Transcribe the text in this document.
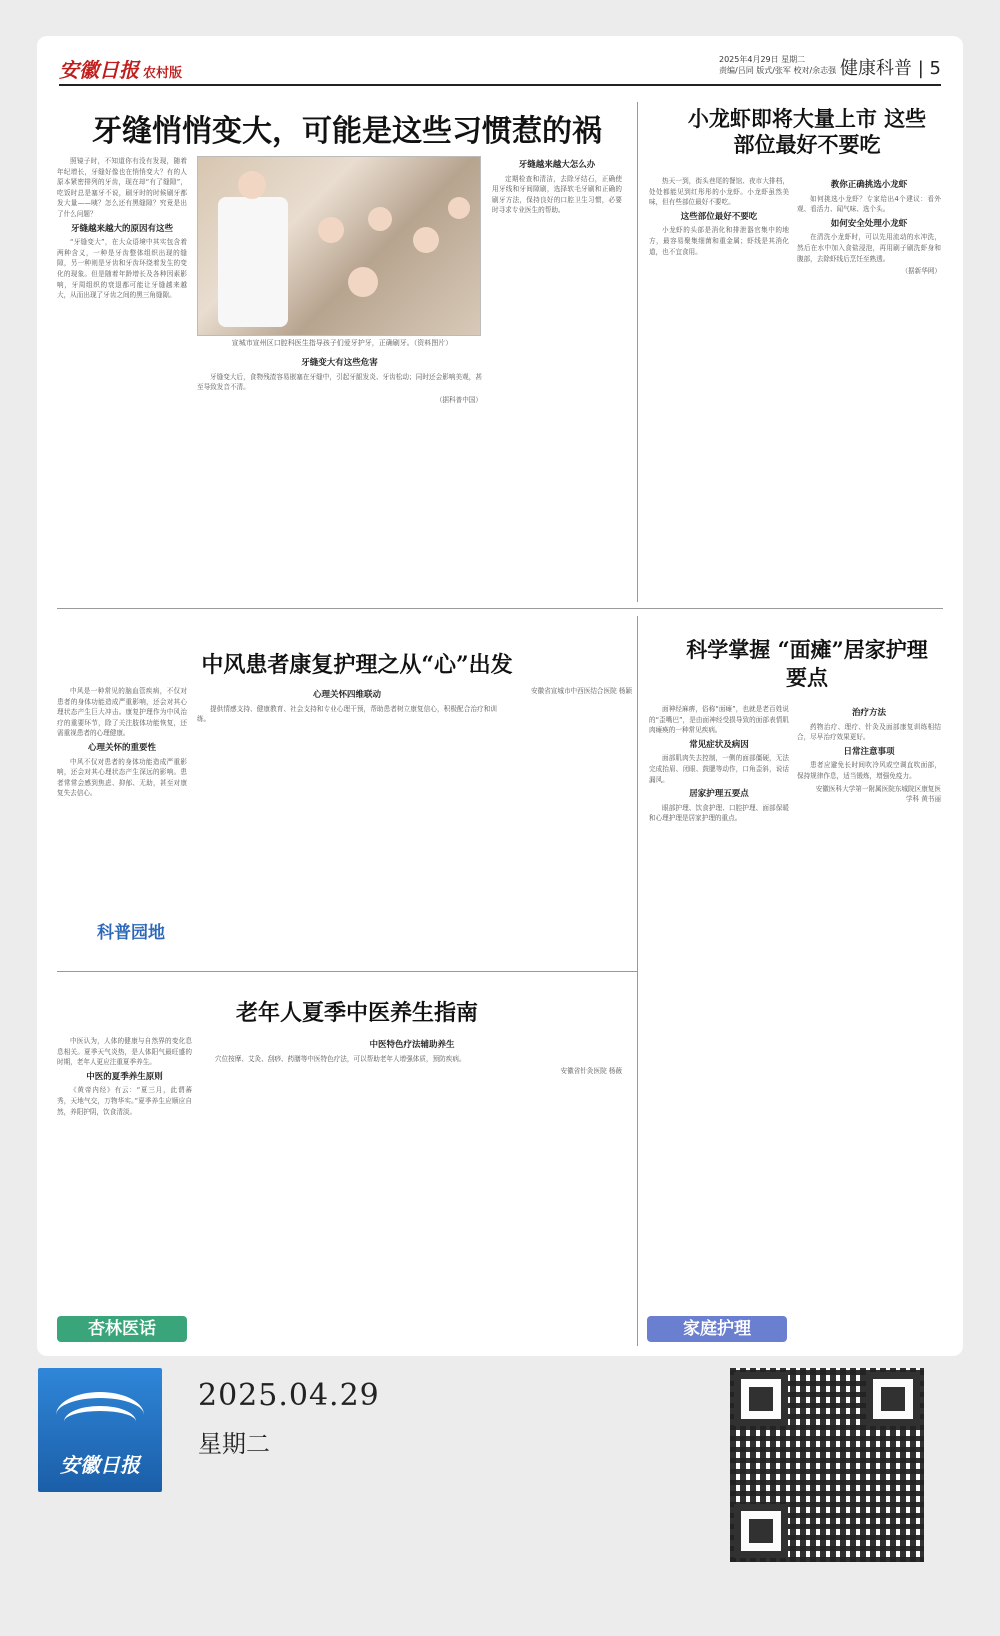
安徽日报 农村版
2025年4月29日 星期二
责编/吕同 版式/张军 校对/余志强 健康科普 | 5
牙缝悄悄变大，可能是这些习惯惹的祸

照镜子时，不知道你有没有发现，随着年纪增长，牙缝好像也在悄悄变大？有的人原本紧密排列的牙齿，现在却“有了缝隙”，吃饭时总是塞牙不说，刷牙时的时候刷牙都发大量——咦？怎么还有黑缝隙？究竟是出了什么问题？

牙缝越来越大的原因有这些

“牙缝变大”，在大众语境中其实包含着两种含义，一种是牙齿整体组织出现的缝隙，另一种则是牙齿和牙齿环绕着发生的变化的现象。但是随着年龄增长及各种因素影响，牙周组织的衰退都可能让牙缝越来越大，从而出现了牙齿之间的黑三角缝隙。

宣城市宣州区口腔科医生指导孩子们爱牙护牙，正确刷牙。（资料图片）
牙缝越来越大怎么办

定期检查和清洁，去除牙结石，正确使用牙线和牙间隙刷，选择软毛牙刷和正确的刷牙方法，保持良好的口腔卫生习惯，必要时寻求专业医生的帮助。

牙缝变大有这些危害

牙缝变大后，食物残渣容易嵌塞在牙缝中，引起牙龈发炎、牙齿松动；同时还会影响美观，甚至导致发音不清。

（据科普中国）

小龙虾即将大量上市 这些部位最好不要吃

热天一到，街头巷尾的餐馆、夜市大排档，处处都能见到红彤彤的小龙虾。小龙虾虽然美味，但有些部位最好不要吃。

这些部位最好不要吃

小龙虾的头部是消化和排泄器官集中的地方，最容易聚集细菌和重金属；虾线是其消化道，也不宜食用。

教你正确挑选小龙虾

如何挑选小龙虾？专家给出4个建议：看外观、看活力、闻气味、选个头。

如何安全处理小龙虾

在清洗小龙虾时，可以先用流动的水冲洗，然后在水中加入食盐浸泡，再用刷子刷洗虾身和腹部，去除虾线后烹饪至熟透。

（据新华网）

中风患者康复护理之从“心”出发

中风是一种常见的脑血管疾病，不仅对患者的身体功能造成严重影响，还会对其心理状态产生巨大冲击。康复护理作为中风治疗的重要环节，除了关注肢体功能恢复，还需重视患者的心理健康。

心理关怀的重要性

中风不仅对患者的身体功能造成严重影响，还会对其心理状态产生深远的影响。患者常常会感到焦虑、抑郁、无助，甚至对康复失去信心。

科普园地
心理关怀四维联动

提供情感支持、健康教育、社会支持和专业心理干预，帮助患者树立康复信心，积极配合治疗和训练。

安徽省宣城市中西医结合医院 杨颖

老年人夏季中医养生指南

中医认为，人体的健康与自然界的变化息息相关。夏季天气炎热，是人体阳气最旺盛的时期，老年人更应注重夏季养生。

中医的夏季养生原则

《黄帝内经》有云：“夏三月，此谓蕃秀，天地气交，万物华实。”夏季养生应顺应自然，养阳护阴，饮食清淡。

中医特色疗法辅助养生

穴位按摩、艾灸、刮痧、药膳等中医特色疗法，可以帮助老年人增强体质，预防疾病。

安徽省针灸医院 杨薇

杏林医话
科学掌握 “面瘫”居家护理要点

面神经麻痹，俗称“面瘫”，也就是老百姓说的“歪嘴巴”，是由面神经受损导致的面部表情肌肉瘫痪的一种常见疾病。

常见症状及病因

面部肌肉失去控制，一侧的面部僵硬，无法完成抬眉、闭眼、鼓腮等动作，口角歪斜，说话漏风。

居家护理五要点

眼部护理、饮食护理、口腔护理、面部保暖和心理护理是居家护理的重点。

治疗方法

药物治疗、理疗、针灸及面部康复训练相结合，尽早治疗效果更好。

日常注意事项

患者应避免长时间吹冷风或空调直吹面部，保持规律作息，适当锻炼，增强免疫力。

安徽医科大学第一附属医院东城院区康复医学科 黄书丽

家庭护理
安徽日报
2025.04.29
星期二
